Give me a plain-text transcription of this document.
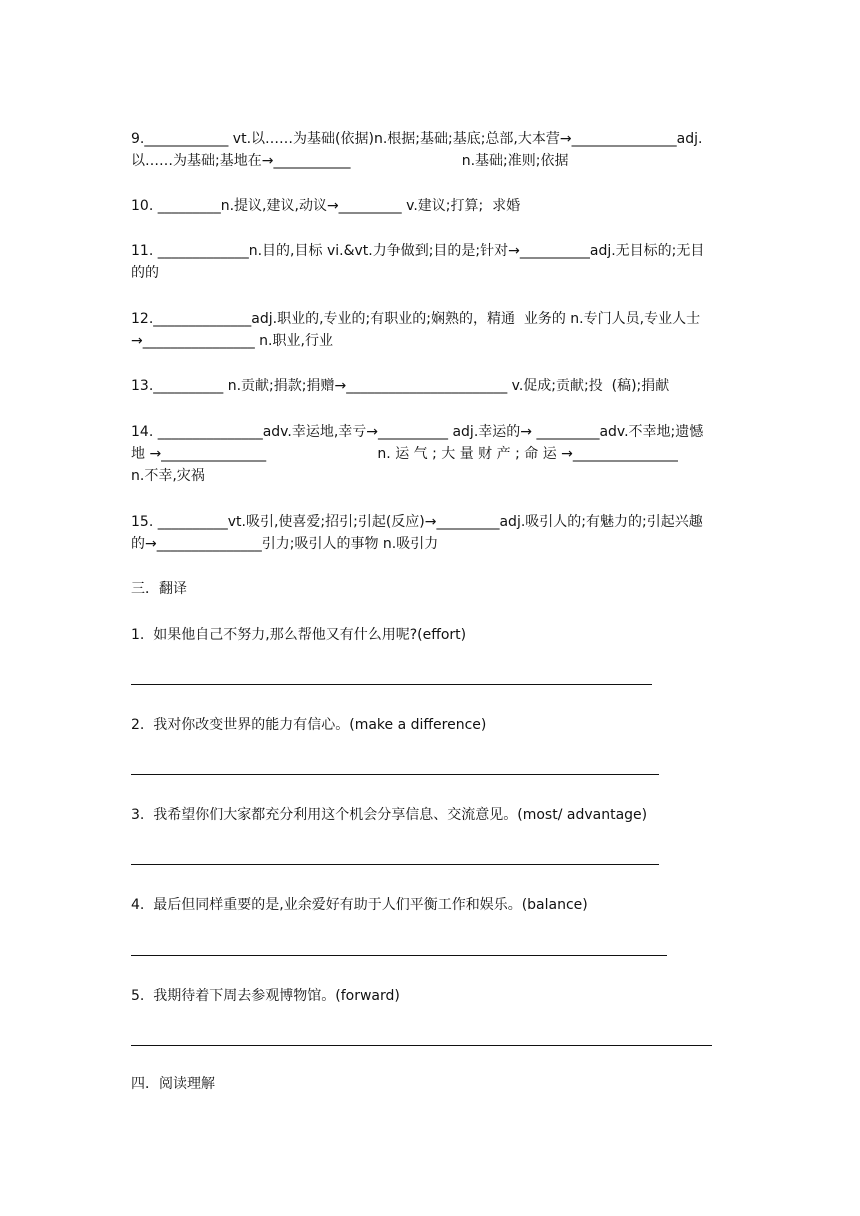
9.____________ vt.以……为基础(依据)n.根据;基础;基底;总部,大本营→_______________adj.
以……为基础;基地在→___________                         n.基础;准则;依据
10. _________n.提议,建议,动议→_________ v.建议;打算;  求婚
11. _____________n.目的,目标 vi.&vt.力争做到;目的是;针对→__________adj.无目标的;无目
的的
12.______________adj.职业的,专业的;有职业的;娴熟的，精通  业务的 n.专门人员,专业人士
→________________ n.职业,行业
13.__________ n.贡献;捐款;捐赠→_______________________ v.促成;贡献;投  (稿);捐献
14. _______________adv.幸运地,幸亏→__________ adj.幸运的→ _________adv.不幸地;遗憾
地 →_______________                         n. 运 气 ; 大 量 财 产 ; 命 运 →_______________
n.不幸,灾祸
15. __________vt.吸引,使喜爱;招引;引起(反应)→_________adj.吸引人的;有魅力的;引起兴趣
的→_______________引力;吸引人的事物 n.吸引力
三．翻译
1.  如果他自己不努力,那么帮他又有什么用呢?(effort)
2.  我对你改变世界的能力有信心。(make a difference)
3.  我希望你们大家都充分利用这个机会分享信息、交流意见。(most/ advantage)
4.  最后但同样重要的是,业余爱好有助于人们平衡工作和娱乐。(balance)
5.  我期待着下周去参观博物馆。(forward)
四．阅读理解
